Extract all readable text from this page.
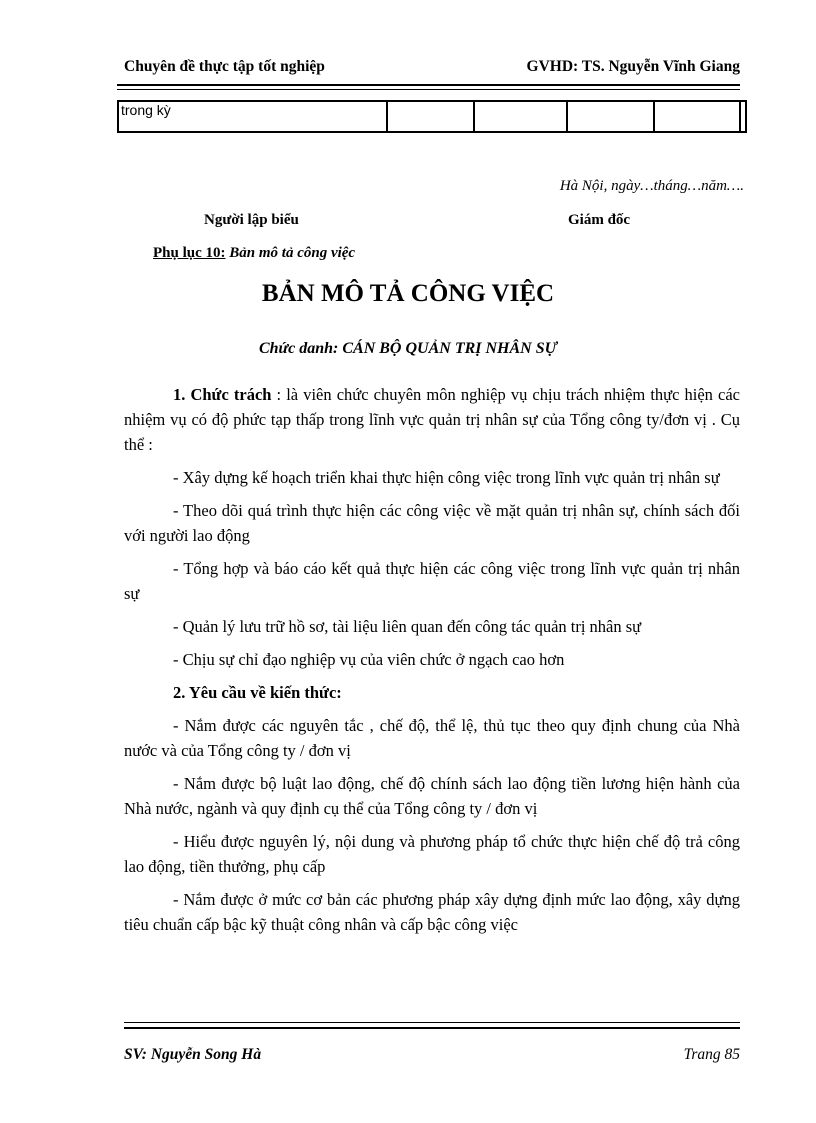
Chuyên đề thực tập tốt nghiệp	GVHD: TS. Nguyễn Vĩnh Giang
trong kỳ					
Hà Nội, ngày…tháng…năm….
Người lập biểu	Giám đốc
Phụ lục 10: Bản mô tả công việc
BẢN MÔ TẢ CÔNG VIỆC
Chức danh: CÁN BỘ QUẢN TRỊ NHÂN SỰ

1. Chức trách : là viên chức chuyên môn nghiệp vụ chịu trách nhiệm thực hiện các nhiệm vụ có độ phức tạp thấp trong lĩnh vực quản trị nhân sự của Tổng công ty/đơn vị . Cụ thể :

- Xây dựng kế hoạch triển khai thực hiện công việc trong lĩnh vực quản trị nhân sự

- Theo dõi quá trình thực hiện các công việc về mặt quản trị nhân sự, chính sách đối với người lao động

- Tổng hợp và báo cáo kết quả thực hiện các công việc trong lĩnh vực quản trị nhân sự

- Quản lý lưu trữ hồ sơ, tài liệu liên quan đến công tác quản trị nhân sự

- Chịu sự chỉ đạo nghiệp vụ của viên chức ở ngạch cao hơn

2. Yêu cầu về kiến thức:

- Nắm được các nguyên tắc , chế độ, thể lệ, thủ tục theo quy định chung của Nhà nước và của Tổng công ty / đơn vị

- Nắm được bộ luật lao động, chế độ chính sách lao động tiền lương hiện hành của Nhà nước, ngành và quy định cụ thể của Tổng công ty / đơn vị

- Hiểu được nguyên lý, nội dung và phương pháp tổ chức thực hiện chế độ trả công lao động, tiền thưởng, phụ cấp

- Nắm được ở mức cơ bản các phương pháp xây dựng định mức lao động, xây dựng tiêu chuẩn cấp bậc kỹ thuật công nhân và cấp bậc công việc

SV: Nguyễn Song Hà	Trang 85
